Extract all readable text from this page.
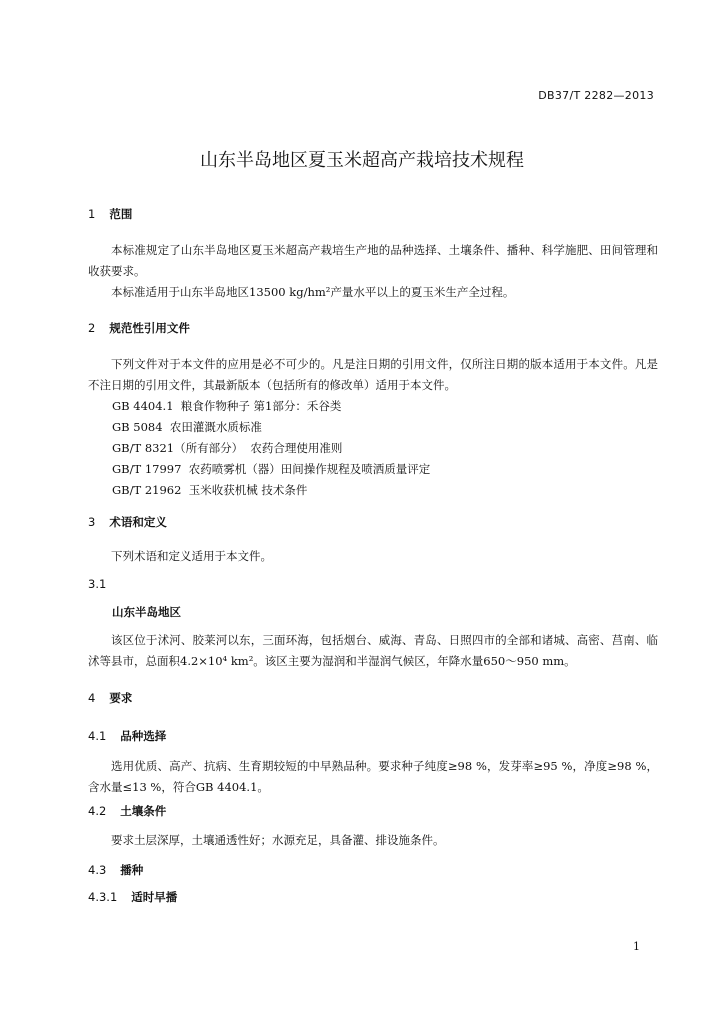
DB37/T 2282—2013
山东半岛地区夏玉米超高产栽培技术规程
1 范围
本标准规定了山东半岛地区夏玉米超高产栽培生产地的品种选择、土壤条件、播种、科学施肥、田间管理和收获要求。
本标准适用于山东半岛地区13500 kg/hm²产量水平以上的夏玉米生产全过程。
2 规范性引用文件
下列文件对于本文件的应用是必不可少的。凡是注日期的引用文件，仅所注日期的版本适用于本文件。凡是不注日期的引用文件，其最新版本（包括所有的修改单）适用于本文件。
GB 4404.1  粮食作物种子 第1部分：禾谷类
GB 5084  农田灌溉水质标准
GB/T 8321（所有部分）  农药合理使用准则
GB/T 17997  农药喷雾机（器）田间操作规程及喷洒质量评定
GB/T 21962  玉米收获机械 技术条件
3 术语和定义
下列术语和定义适用于本文件。
3.1
山东半岛地区
该区位于沭河、胶莱河以东，三面环海，包括烟台、威海、青岛、日照四市的全部和诸城、高密、莒南、临沭等县市，总面积4.2×10⁴ km²。该区主要为湿润和半湿润气候区，年降水量650～950 mm。
4 要求
4.1 品种选择
选用优质、高产、抗病、生育期较短的中早熟品种。要求种子纯度≥98 %，发芽率≥95 %，净度≥98 %，含水量≤13 %，符合GB 4404.1。
4.2 土壤条件
要求土层深厚，土壤通透性好；水源充足，具备灌、排设施条件。
4.3 播种
4.3.1 适时早播
1
